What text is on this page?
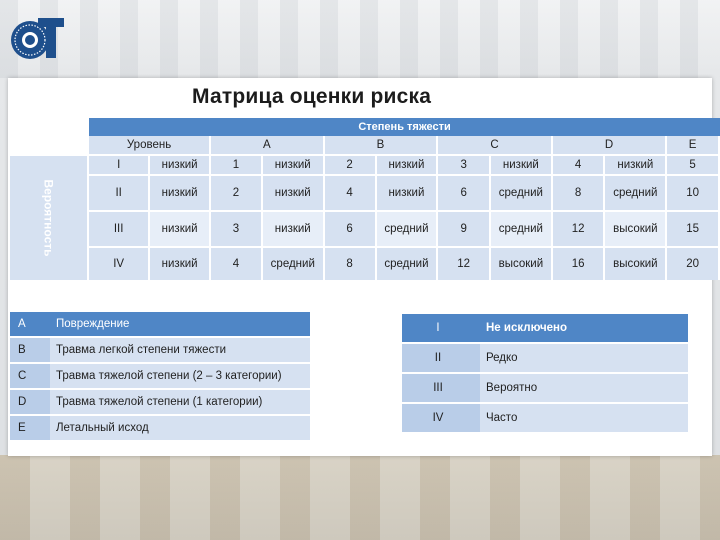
Матрица оценки риска
	Степень тяжести										
	Уровень		A		B		C		D		E
Вероятность	I	низкий	1	низкий	2	низкий	3	низкий	4	низкий	5
	II	низкий	2	низкий	4	низкий	6	средний	8	средний	10
	III	низкий	3	низкий	6	средний	9	средний	12	высокий	15
	IV	низкий	4	средний	8	средний	12	высокий	16	высокий	20
A	Повреждение
B	Травма легкой степени тяжести
C	Травма тяжелой степени (2 – 3 категории)
D	Травма тяжелой степени (1 категории)
E	Летальный исход
I	Не исключено
II	Редко
III	Вероятно
IV	Часто
